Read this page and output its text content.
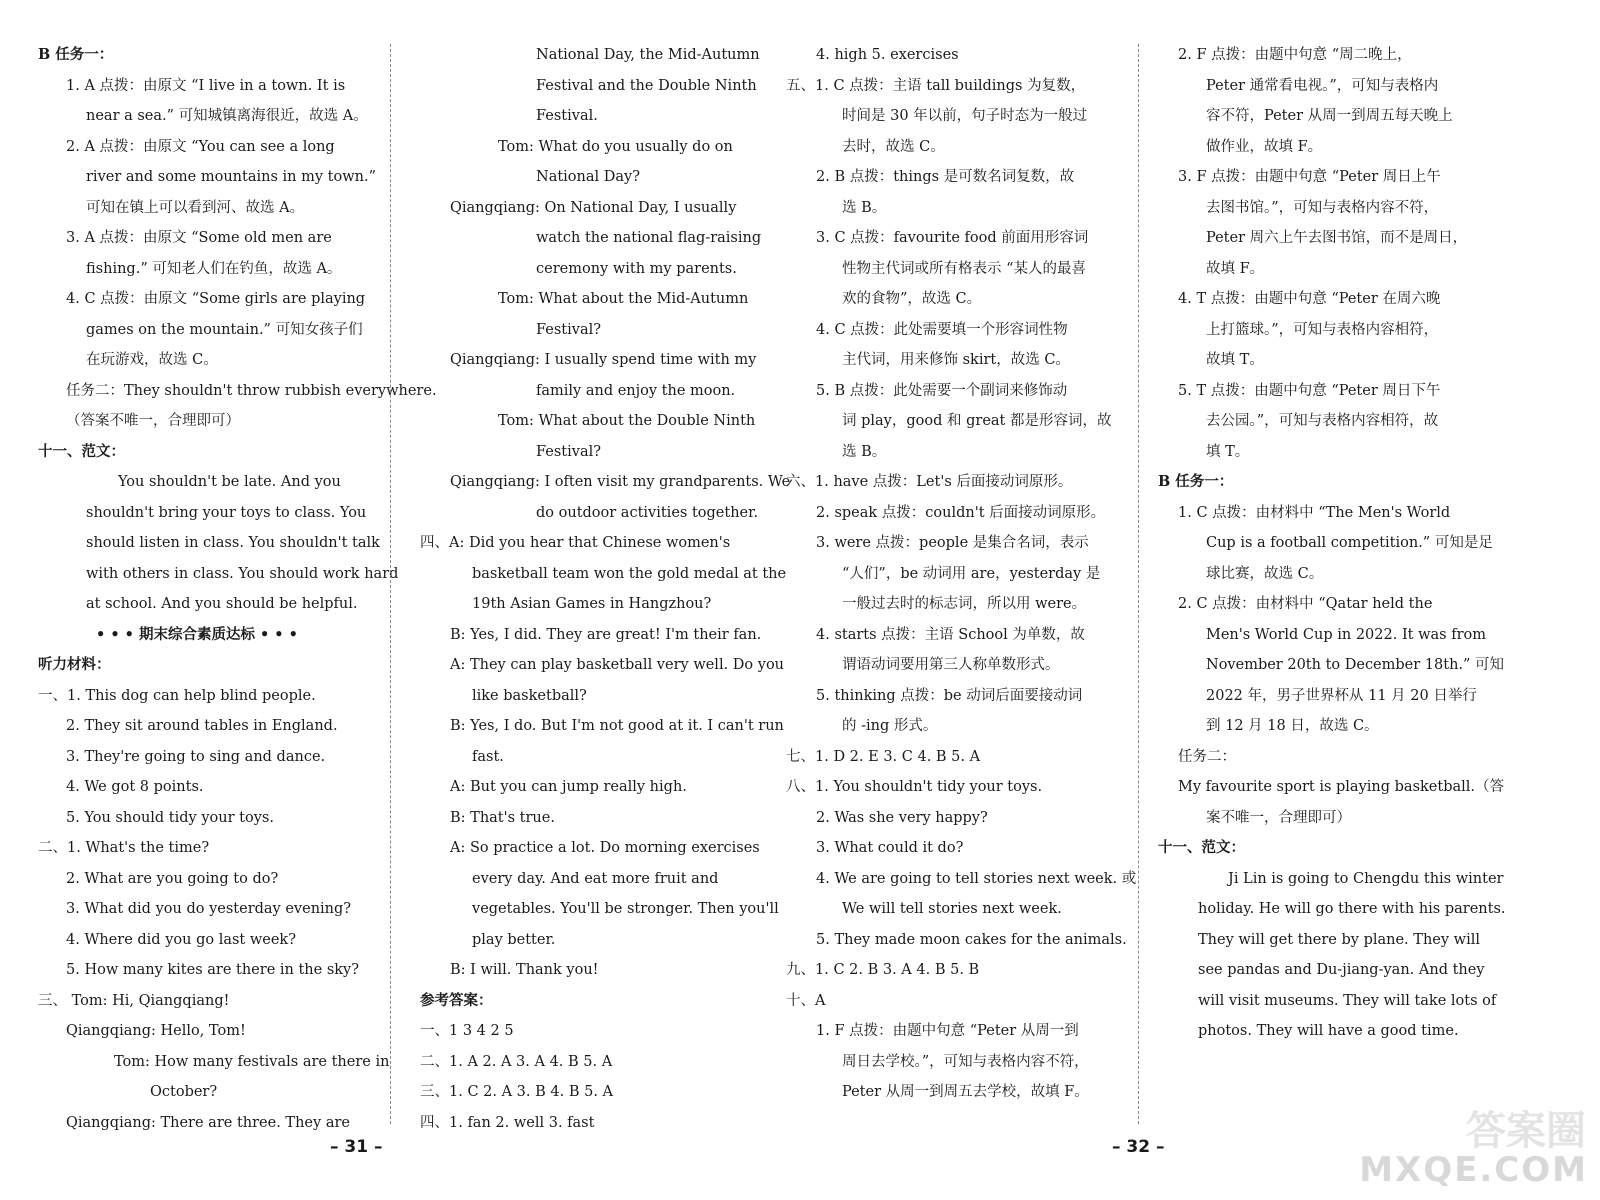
B 任务一：
1. A 点拨：由原文 “I live in a town. It is
near a sea.” 可知城镇离海很近，故选 A。
2. A 点拨：由原文 “You can see a long
river and some mountains in my town.”
可知在镇上可以看到河、故选 A。
3. A 点拨：由原文 “Some old men are
fishing.” 可知老人们在钓鱼，故选 A。
4. C 点拨：由原文 “Some girls are playing
games on the mountain.” 可知女孩子们
在玩游戏，故选 C。
任务二：They shouldn't throw rubbish everywhere.
（答案不唯一，合理即可）
十一、范文：
You shouldn't be late. And you
shouldn't bring your toys to class. You
should listen in class. You shouldn't talk
with others in class. You should work hard
at school. And you should be helpful.
• • • 期末综合素质达标 • • •
听力材料：
一、1. This dog can help blind people.
2. They sit around tables in England.
3. They're going to sing and dance.
4. We got 8 points.
5. You should tidy your toys.
二、1. What's the time?
2. What are you going to do?
3. What did you do yesterday evening?
4. Where did you go last week?
5. How many kites are there in the sky?
三、 Tom: Hi, Qiangqiang!
Qiangqiang: Hello, Tom!
Tom: How many festivals are there in
October?
Qiangqiang: There are three. They are
National Day, the Mid-Autumn
Festival and the Double Ninth
Festival.
Tom: What do you usually do on
National Day?
Qiangqiang: On National Day, I usually
watch the national flag-raising
ceremony with my parents.
Tom: What about the Mid-Autumn
Festival?
Qiangqiang: I usually spend time with my
family and enjoy the moon.
Tom: What about the Double Ninth
Festival?
Qiangqiang: I often visit my grandparents. We
do outdoor activities together.
四、A: Did you hear that Chinese women's
basketball team won the gold medal at the
19th Asian Games in Hangzhou?
B: Yes, I did. They are great! I'm their fan.
A: They can play basketball very well. Do you
like basketball?
B: Yes, I do. But I'm not good at it. I can't run
fast.
A: But you can jump really high.
B: That's true.
A: So practice a lot. Do morning exercises
every day. And eat more fruit and
vegetables. You'll be stronger. Then you'll
play better.
B: I will. Thank you!
参考答案：
一、1 3 4 2 5
二、1. A 2. A 3. A 4. B 5. A
三、1. C 2. A 3. B 4. B 5. A
四、1. fan 2. well 3. fast
4. high 5. exercises
五、1. C 点拨：主语 tall buildings 为复数，
时间是 30 年以前，句子时态为一般过
去时，故选 C。
2. B 点拨：things 是可数名词复数，故
选 B。
3. C 点拨：favourite food 前面用形容词
性物主代词或所有格表示 “某人的最喜
欢的食物”，故选 C。
4. C 点拨：此处需要填一个形容词性物
主代词，用来修饰 skirt，故选 C。
5. B 点拨：此处需要一个副词来修饰动
词 play，good 和 great 都是形容词，故
选 B。
六、1. have 点拨：Let's 后面接动词原形。
2. speak 点拨：couldn't 后面接动词原形。
3. were 点拨：people 是集合名词，表示
“人们”，be 动词用 are，yesterday 是
一般过去时的标志词，所以用 were。
4. starts 点拨：主语 School 为单数，故
谓语动词要用第三人称单数形式。
5. thinking 点拨：be 动词后面要接动词
的 -ing 形式。
七、1. D 2. E 3. C 4. B 5. A
八、1. You shouldn't tidy your toys.
2. Was she very happy?
3. What could it do?
4. We are going to tell stories next week. 或
We will tell stories next week.
5. They made moon cakes for the animals.
九、1. C 2. B 3. A 4. B 5. B
十、A
1. F 点拨：由题中句意 “Peter 从周一到
周日去学校。”，可知与表格内容不符，
Peter 从周一到周五去学校，故填 F。
2. F 点拨：由题中句意 “周二晚上，
Peter 通常看电视。”，可知与表格内
容不符，Peter 从周一到周五每天晚上
做作业，故填 F。
3. F 点拨：由题中句意 “Peter 周日上午
去图书馆。”，可知与表格内容不符，
Peter 周六上午去图书馆，而不是周日，
故填 F。
4. T 点拨：由题中句意 “Peter 在周六晚
上打篮球。”，可知与表格内容相符，
故填 T。
5. T 点拨：由题中句意 “Peter 周日下午
去公园。”，可知与表格内容相符，故
填 T。
B 任务一：
1. C 点拨：由材料中 “The Men's World
Cup is a football competition.” 可知是足
球比赛，故选 C。
2. C 点拨：由材料中 “Qatar held the
Men's World Cup in 2022. It was from
November 20th to December 18th.” 可知
2022 年，男子世界杯从 11 月 20 日举行
到 12 月 18 日，故选 C。
任务二：
My favourite sport is playing basketball.（答
案不唯一，合理即可）
十一、范文：
Ji Lin is going to Chengdu this winter
holiday. He will go there with his parents.
They will get there by plane. They will
see pandas and Du-jiang-yan. And they
will visit museums. They will take lots of
photos. They will have a good time.
– 31 –	– 32 –	答案圈
MXQE.COM
